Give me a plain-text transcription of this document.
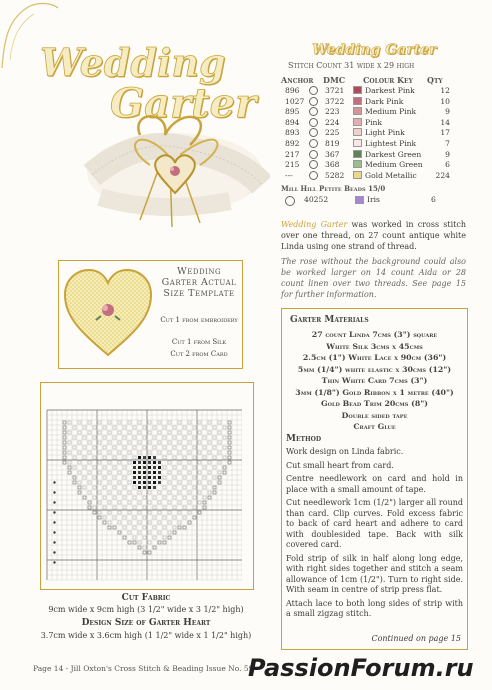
Wedding
Garter
Wedding Garter
Stitch Count 31 wide x 29 high
Anchor DMC Colour Key Qty
896	3721	Darkest Pink	12
1027	3722	Dark Pink	10
895	223	Medium Pink	9
894	224	Pink	14
893	225	Light Pink	17
892	819	Lightest Pink	7
217	367	Darkest Green	9
215	368	Medium Green	6
---	5282	Gold Metallic 224
Mill Hill Petite Beads 15/0
40252	Iris	6
Wedding Garter was worked in cross stitch over one thread, on 27 count antique white Linda using one strand of thread.
The rose without the background could also be worked larger on 14 count Aida or 28 count linen over two threads. See page 15 for further information.
Wedding Garter Actual Size Template
Cut 1 from embroidery
Cut 1 from Silk
Cut 2 from Card
Garter Materials
27 count Linda 7cms (3") square
White Silk 3cms x 45cms
2.5cm (1") White Lace x 90cm (36")
5mm (1/4") white elastic x 30cms (12")
Thin White Card 7cms (3")
3mm (1/8") Gold Ribbon x 1 metre (40")
Gold Bead Trim 20cms (8")
Double sided tape
Craft Glue
Method

Work design on Linda fabric.

Cut small heart from card.

Centre needlework on card and hold in place with a small amount of tape.

Cut needlework 1cm (1/2") larger all round than card. Clip curves. Fold excess fabric to back of card heart and adhere to card with doublesided tape. Back with silk covered card.

Fold strip of silk in half along long edge, with right sides together and stitch a seam allowance of 1cm (1/2"). Turn to right side. With seam in centre of strip press flat.

Attach lace to both long sides of strip with a small zigzag stitch.

Continued on page 15
Cut Fabric
9cm wide x 9cm high (3 1/2" wide x 3 1/2" high)
Design Size of Garter Heart
3.7cm wide x 3.6cm high (1 1/2" wide x 1 1/2" high)
Page 14 - Jill Oxton's Cross Stitch & Beading Issue No. 59
PassionForum.ru
